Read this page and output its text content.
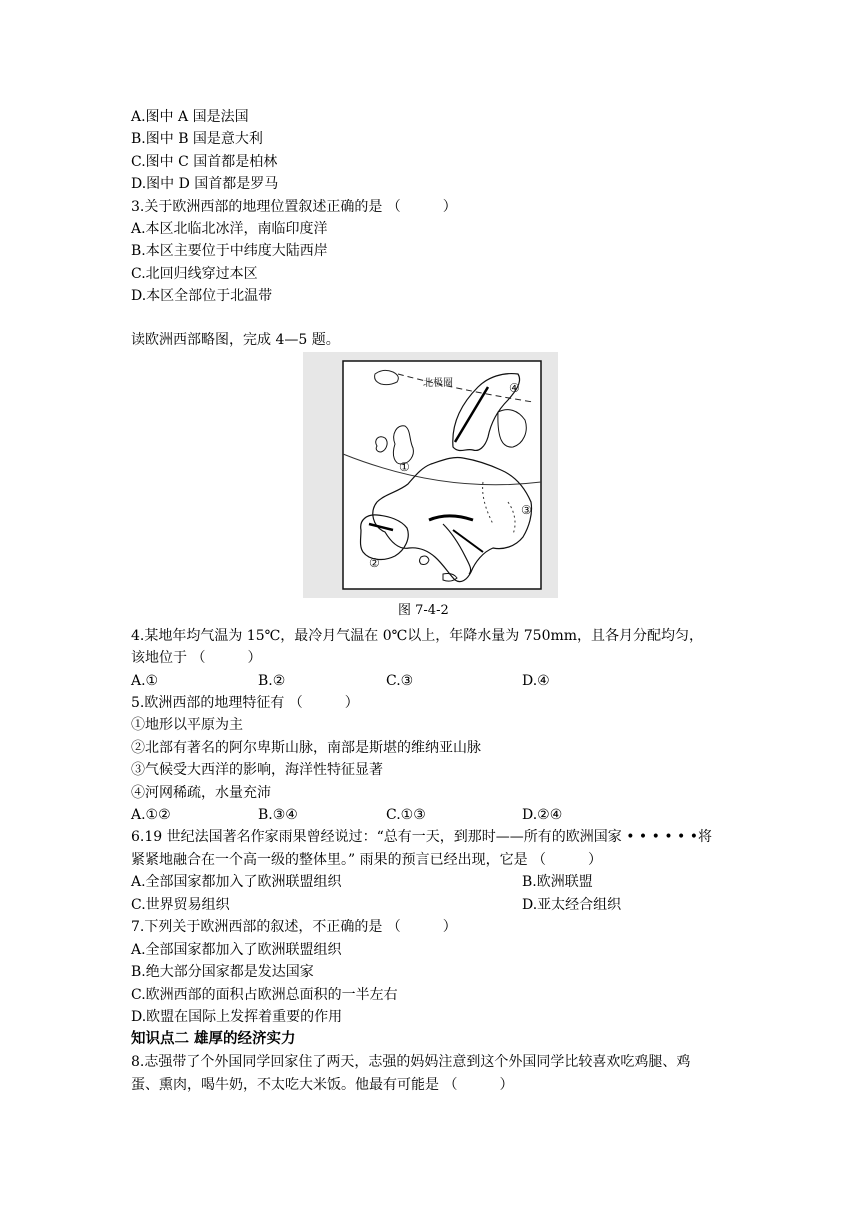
A.图中 A 国是法国
B.图中 B 国是意大利
C.图中 C 国首都是柏林
D.图中 D 国首都是罗马
3.关于欧洲西部的地理位置叙述正确的是 （　　　）
A.本区北临北冰洋，南临印度洋
B.本区主要位于中纬度大陆西岸
C.北回归线穿过本区
D.本区全部位于北温带
读欧洲西部略图，完成 4—5 题。
北极圈
①
②
③
④
图 7-4-2
4.某地年均气温为 15℃，最冷月气温在 0℃以上，年降水量为 750mm，且各月分配均匀，
该地位于 （　　　）
A.①	B.②	C.③	D.④
5.欧洲西部的地理特征有 （　　　）
①地形以平原为主
②北部有著名的阿尔卑斯山脉，南部是斯堪的维纳亚山脉
③气候受大西洋的影响，海洋性特征显著
④河网稀疏，水量充沛
A.①②	B.③④	C.①③	D.②④
6.19 世纪法国著名作家雨果曾经说过：“总有一天，到那时——所有的欧洲国家 • • • • • •将
紧紧地融合在一个高一级的整体里。” 雨果的预言已经出现，它是 （　　　）
A.全部国家都加入了欧洲联盟组织	B.欧洲联盟
C.世界贸易组织	D.亚太经合组织
7.下列关于欧洲西部的叙述，不正确的是 （　　　）
A.全部国家都加入了欧洲联盟组织
B.绝大部分国家都是发达国家
C.欧洲西部的面积占欧洲总面积的一半左右
D.欧盟在国际上发挥着重要的作用
知识点二 雄厚的经济实力
8.志强带了个外国同学回家住了两天，志强的妈妈注意到这个外国同学比较喜欢吃鸡腿、鸡
蛋、熏肉，喝牛奶，不太吃大米饭。他最有可能是 （　　　）
